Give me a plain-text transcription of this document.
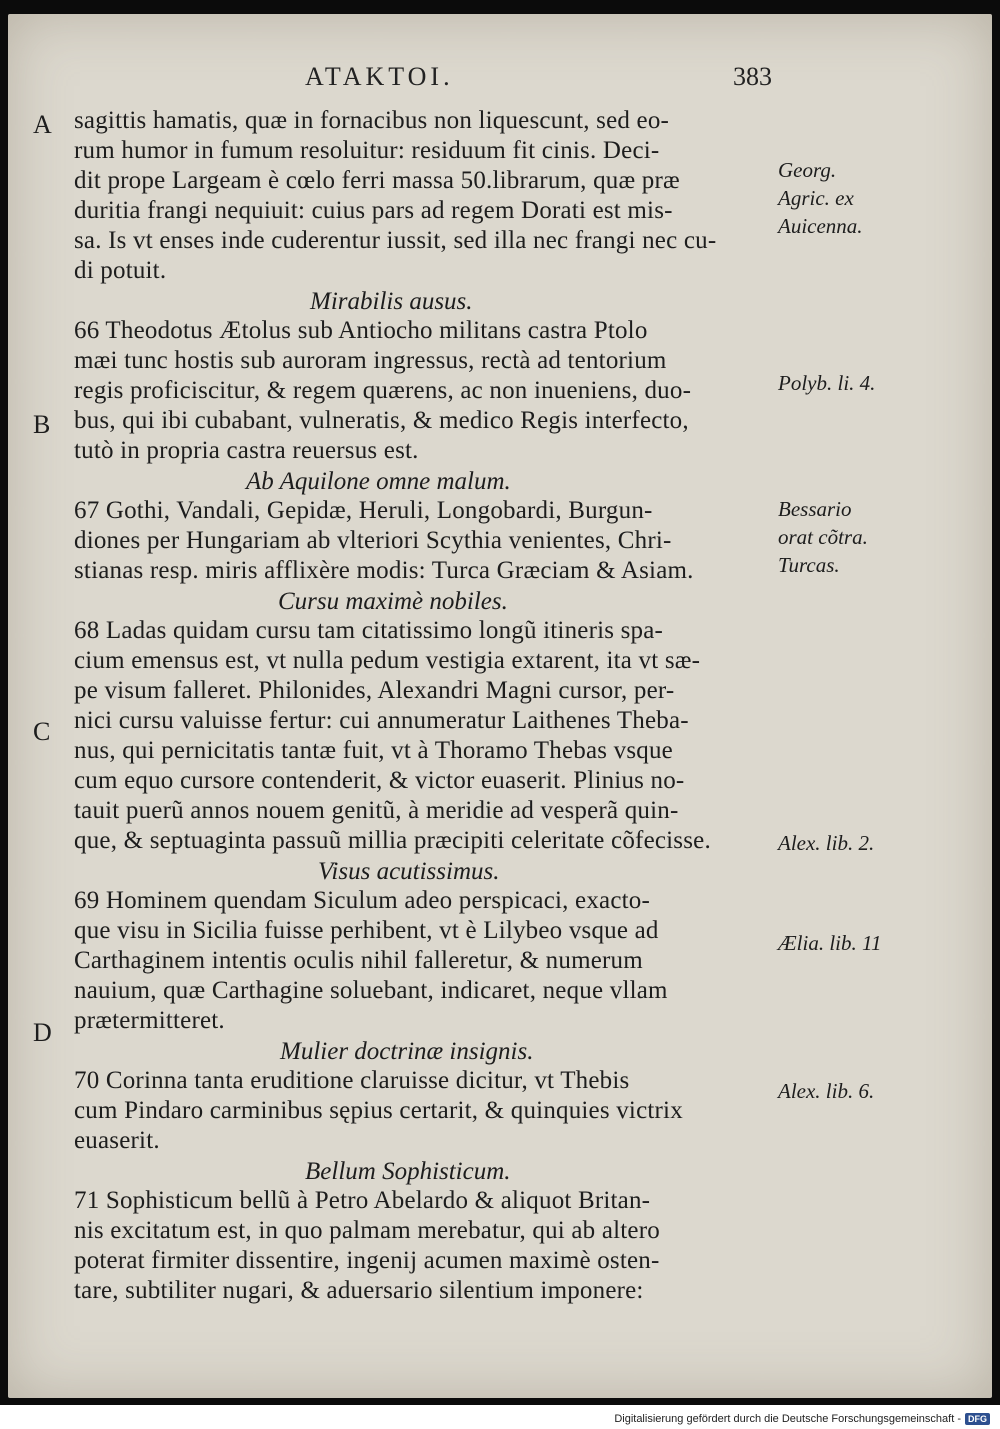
ATAKTOI.	383
A
B
C
D
sagittis hamatis, quæ in fornacibus non liquescunt, sed eo-
rum humor in fumum resoluitur: residuum fit cinis. Deci-
dit prope Largeam è cœlo ferri massa 50.librarum, quæ præ
duritia frangi nequiuit: cuius pars ad regem Dorati est mis-
sa. Is vt enses inde cuderentur iussit, sed illa nec frangi nec cu-
di potuit.
Mirabilis ausus.
66 Theodotus Ætolus sub Antiocho militans castra Ptolo
mæi tunc hostis sub auroram ingressus, rectà ad tentorium
regis proficiscitur, & regem quærens, ac non inueniens, duo-
bus, qui ibi cubabant, vulneratis, & medico Regis interfecto,
tutò in propria castra reuersus est.
Ab Aquilone omne malum.
67 Gothi, Vandali, Gepidæ, Heruli, Longobardi, Burgun-
diones per Hungariam ab vlteriori Scythia venientes, Chri-
stianas resp. miris afflixère modis: Turca Græciam & Asiam.
Cursu maximè nobiles.
68 Ladas quidam cursu tam citatissimo longũ itineris spa-
cium emensus est, vt nulla pedum vestigia extarent, ita vt sæ-
pe visum falleret. Philonides, Alexandri Magni cursor, per-
nici cursu valuisse fertur: cui annumeratur Laithenes Theba-
nus, qui pernicitatis tantæ fuit, vt à Thoramo Thebas vsque
cum equo cursore contenderit, & victor euaserit. Plinius no-
tauit puerũ annos nouem genitũ, à meridie ad vesperã quin-
que, & septuaginta passuũ millia præcipiti celeritate cõfecisse.
Visus acutissimus.
69 Hominem quendam Siculum adeo perspicaci, exacto-
que visu in Sicilia fuisse perhibent, vt è Lilybeo vsque ad
Carthaginem intentis oculis nihil falleretur, & numerum
nauium, quæ Carthagine soluebant, indicaret, neque vllam
prætermitteret.
Mulier doctrinæ insignis.
70 Corinna tanta eruditione claruisse dicitur, vt Thebis
cum Pindaro carminibus sępius certarit, & quinquies victrix
euaserit.
Bellum Sophisticum.
71 Sophisticum bellũ à Petro Abelardo & aliquot Britan-
nis excitatum est, in quo palmam merebatur, qui ab altero
poterat firmiter dissentire, ingenij acumen maximè osten-
tare, subtiliter nugari, & aduersario silentium imponere:
Georg.
Agric. ex
Auicenna.
Polyb. li. 4.
Bessario
orat cõtra.
Turcas.
Alex. lib. 2.
Ælia. lib. 11
Alex. lib. 6.
Digitalisierung gefördert durch die Deutsche Forschungsgemeinschaft - DFG
